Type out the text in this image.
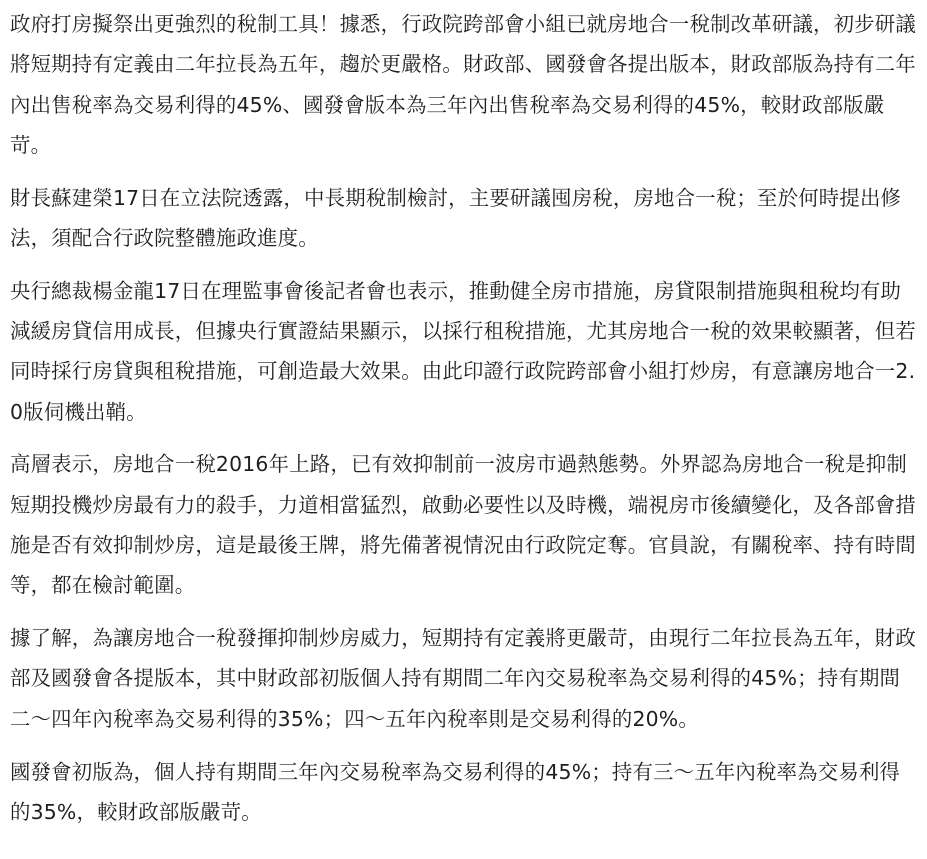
政府打房擬祭出更強烈的稅制工具！據悉，行政院跨部會小組已就房地合一稅制改革研議，初步研議將短期持有定義由二年拉長為五年，趨於更嚴格。財政部、國發會各提出版本，財政部版為持有二年內出售稅率為交易利得的45%、國發會版本為三年內出售稅率為交易利得的45%，較財政部版嚴苛。

財長蘇建榮17日在立法院透露，中長期稅制檢討，主要研議囤房稅，房地合一稅；至於何時提出修法，須配合行政院整體施政進度。

央行總裁楊金龍17日在理監事會後記者會也表示，推動健全房市措施，房貸限制措施與租稅均有助減緩房貸信用成長，但據央行實證結果顯示，以採行租稅措施，尤其房地合一稅的效果較顯著，但若同時採行房貸與租稅措施，可創造最大效果。由此印證行政院跨部會小組打炒房，有意讓房地合一2.0版伺機出鞘。

高層表示，房地合一稅2016年上路，已有效抑制前一波房市過熱態勢。外界認為房地合一稅是抑制短期投機炒房最有力的殺手，力道相當猛烈，啟動必要性以及時機，端視房市後續變化，及各部會措施是否有效抑制炒房，這是最後王牌，將先備著視情況由行政院定奪。官員說，有關稅率、持有時間等，都在檢討範圍。

據了解，為讓房地合一稅發揮抑制炒房威力，短期持有定義將更嚴苛，由現行二年拉長為五年，財政部及國發會各提版本，其中財政部初版個人持有期間二年內交易稅率為交易利得的45%；持有期間二～四年內稅率為交易利得的35%；四～五年內稅率則是交易利得的20%。

國發會初版為，個人持有期間三年內交易稅率為交易利得的45%；持有三～五年內稅率為交易利得的35%，較財政部版嚴苛。
